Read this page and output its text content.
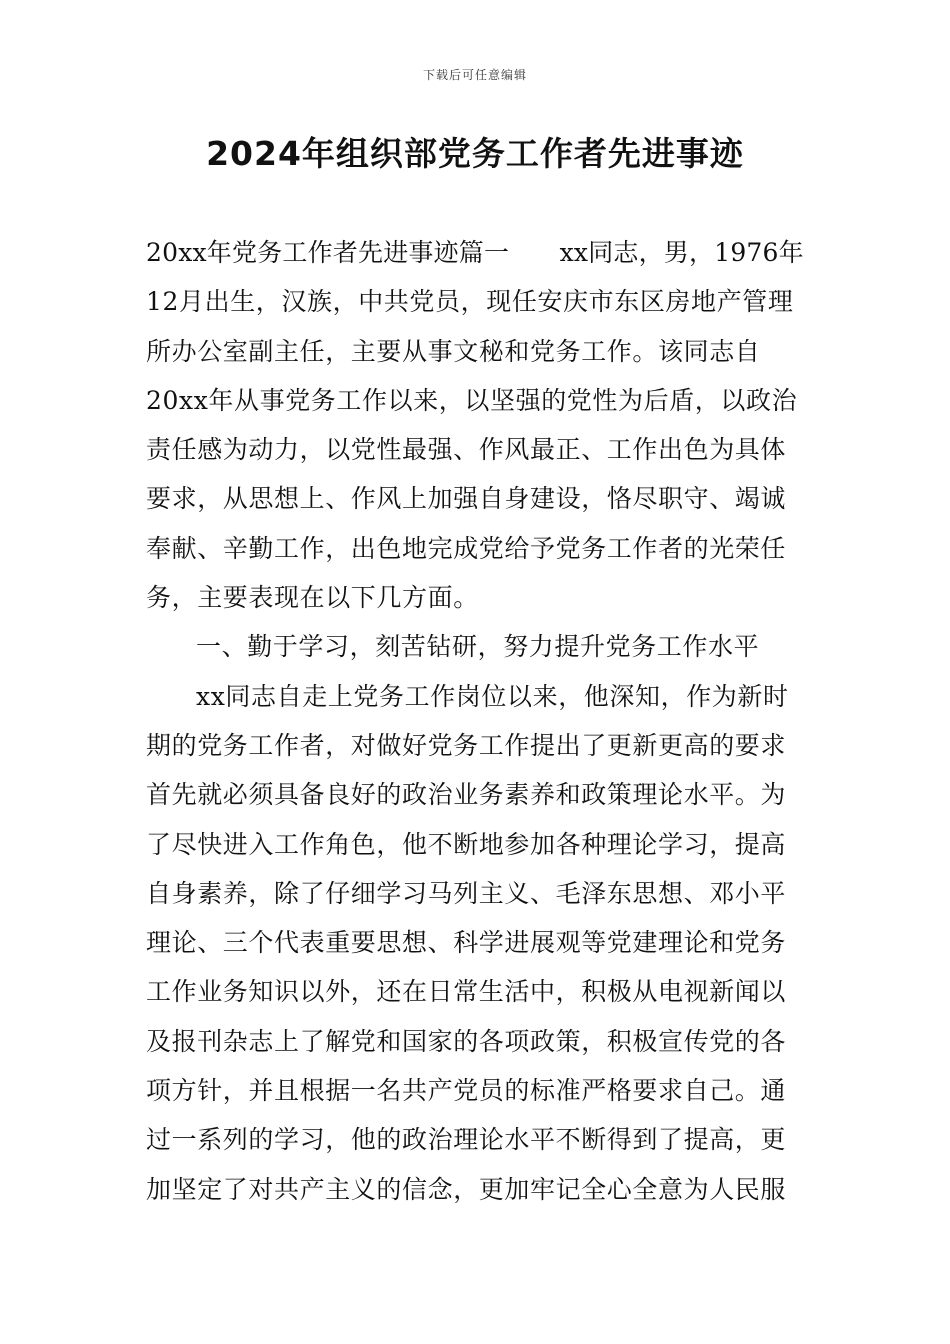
下载后可任意编辑
2024年组织部党务工作者先进事迹
20xx年党务工作者先进事迹篇一　　xx同志，男，1976年
12月出生，汉族，中共党员，现任安庆市东区房地产管理
所办公室副主任，主要从事文秘和党务工作。该同志自
20xx年从事党务工作以来，以坚强的党性为后盾，以政治
责任感为动力，以党性最强、作风最正、工作出色为具体
要求，从思想上、作风上加强自身建设，恪尽职守、竭诚
奉献、辛勤工作，出色地完成党给予党务工作者的光荣任
务，主要表现在以下几方面。
一、勤于学习，刻苦钻研，努力提升党务工作水平
xx同志自走上党务工作岗位以来，他深知，作为新时
期的党务工作者，对做好党务工作提出了更新更高的要求
首先就必须具备良好的政治业务素养和政策理论水平。为
了尽快进入工作角色，他不断地参加各种理论学习，提高
自身素养，除了仔细学习马列主义、毛泽东思想、邓小平
理论、三个代表重要思想、科学进展观等党建理论和党务
工作业务知识以外，还在日常生活中，积极从电视新闻以
及报刊杂志上了解党和国家的各项政策，积极宣传党的各
项方针，并且根据一名共产党员的标准严格要求自己。通
过一系列的学习，他的政治理论水平不断得到了提高，更
加坚定了对共产主义的信念，更加牢记全心全意为人民服
